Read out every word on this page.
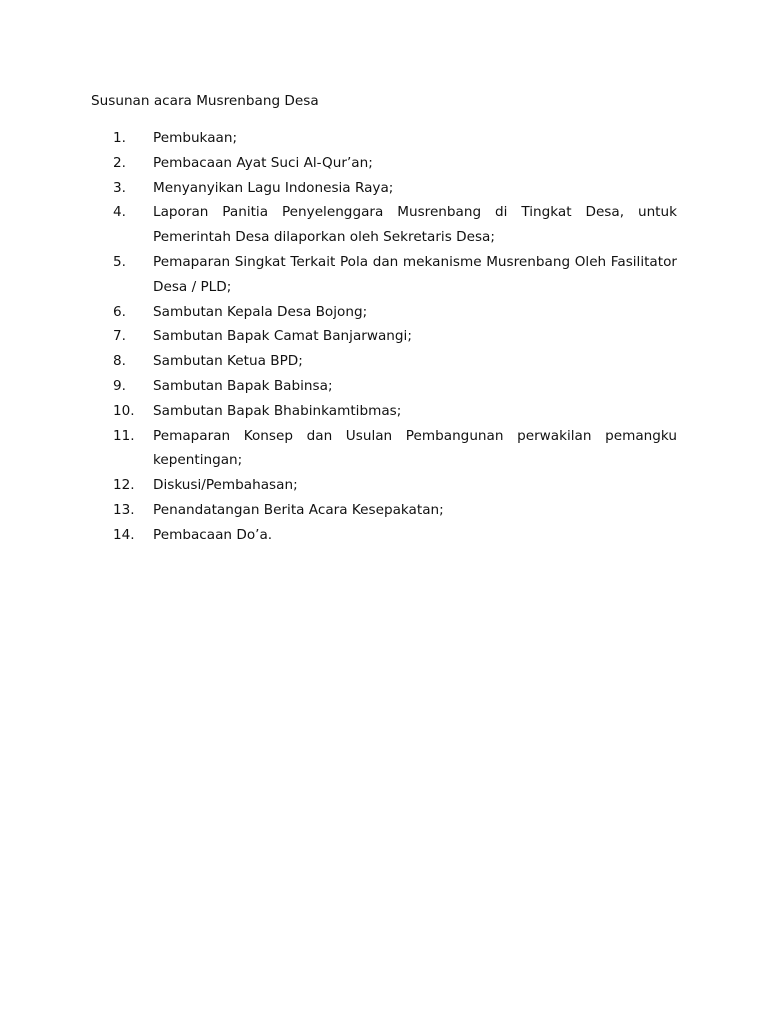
Susunan acara Musrenbang Desa
1. Pembukaan;
2. Pembacaan Ayat Suci Al-Qur’an;
3. Menyanyikan Lagu Indonesia Raya;
4. Laporan Panitia Penyelenggara Musrenbang di Tingkat Desa, untuk Pemerintah Desa dilaporkan oleh Sekretaris Desa;
5. Pemaparan Singkat Terkait Pola dan mekanisme Musrenbang Oleh Fasilitator Desa / PLD;
6. Sambutan Kepala Desa Bojong;
7. Sambutan Bapak Camat Banjarwangi;
8. Sambutan Ketua BPD;
9. Sambutan Bapak Babinsa;
10. Sambutan Bapak Bhabinkamtibmas;
11. Pemaparan Konsep dan Usulan Pembangunan perwakilan pemangku kepentingan;
12. Diskusi/Pembahasan;
13. Penandatangan Berita Acara Kesepakatan;
14. Pembacaan Do’a.
